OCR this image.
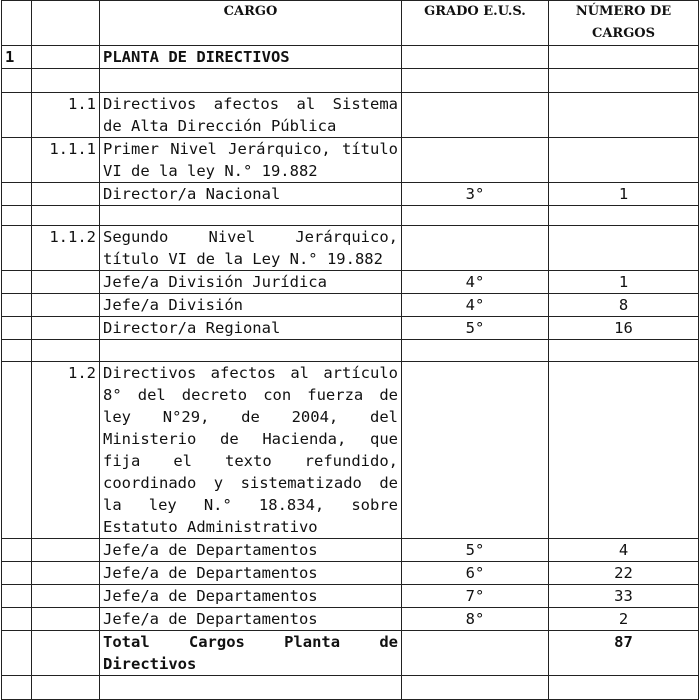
		CARGO	GRADO E.U.S.	NÚMERO DE CARGOS
1		PLANTA DE DIRECTIVOS		

	1.1	Directivos afectos al Sistema de Alta Dirección Pública		
	1.1.1	Primer Nivel Jerárquico, título VI de la ley N.° 19.882		
		Director/a Nacional	3°	1

	1.1.2	Segundo Nivel Jerárquico, título VI de la Ley N.° 19.882		
		Jefe/a División Jurídica	4°	1
		Jefe/a División	4°	8
		Director/a Regional	5°	16

	1.2	Directivos afectos al artículo 8° del decreto con fuerza de ley N°29, de 2004, del Ministerio de Hacienda, que fija el texto refundido, coordinado y sistematizado de la ley N.° 18.834, sobre Estatuto Administrativo		
		Jefe/a de Departamentos	5°	4
		Jefe/a de Departamentos	6°	22
		Jefe/a de Departamentos	7°	33
		Jefe/a de Departamentos	8°	2
		Total Cargos Planta de Directivos		87
